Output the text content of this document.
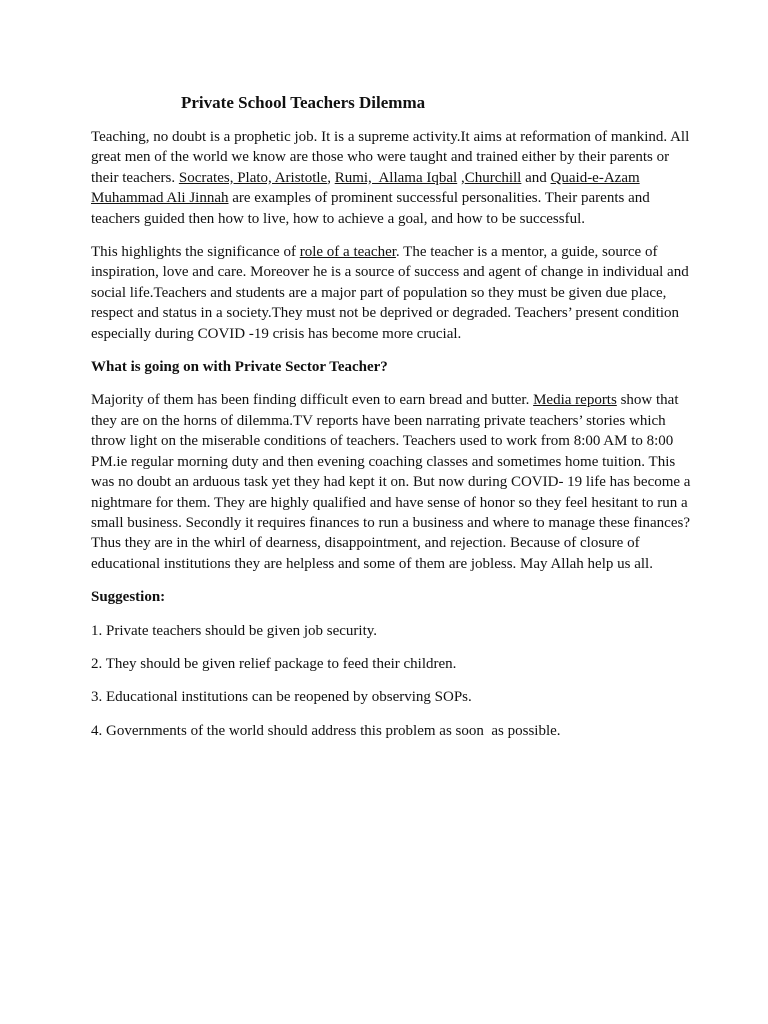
Private School Teachers Dilemma

Teaching, no doubt is a prophetic job. It is a supreme activity.It aims at reformation of mankind. All great men of the world we know are those who were taught and trained either by their parents or their teachers. Socrates, Plato, Aristotle, Rumi,  Allama Iqbal ,Churchill and Quaid-e-Azam Muhammad Ali Jinnah are examples of prominent successful personalities. Their parents and teachers guided then how to live, how to achieve a goal, and how to be successful.

This highlights the significance of role of a teacher. The teacher is a mentor, a guide, source of inspiration, love and care. Moreover he is a source of success and agent of change in individual and social life.Teachers and students are a major part of population so they must be given due place, respect and status in a society.They must not be deprived or degraded. Teachers’ present condition especially during COVID -19 crisis has become more crucial.

What is going on with Private Sector Teacher?

Majority of them has been finding difficult even to earn bread and butter. Media reports show that they are on the horns of dilemma.TV reports have been narrating private teachers’ stories which throw light on the miserable conditions of teachers. Teachers used to work from 8:00 AM to 8:00 PM.ie regular morning duty and then evening coaching classes and sometimes home tuition. This was no doubt an arduous task yet they had kept it on. But now during COVID- 19 life has become a nightmare for them. They are highly qualified and have sense of honor so they feel hesitant to run a small business. Secondly it requires finances to run a business and where to manage these finances? Thus they are in the whirl of dearness, disappointment, and rejection. Because of closure of educational institutions they are helpless and some of them are jobless. May Allah help us all.

Suggestion:

1. Private teachers should be given job security.

2. They should be given relief package to feed their children.

3. Educational institutions can be reopened by observing SOPs.

4. Governments of the world should address this problem as soon  as possible.
